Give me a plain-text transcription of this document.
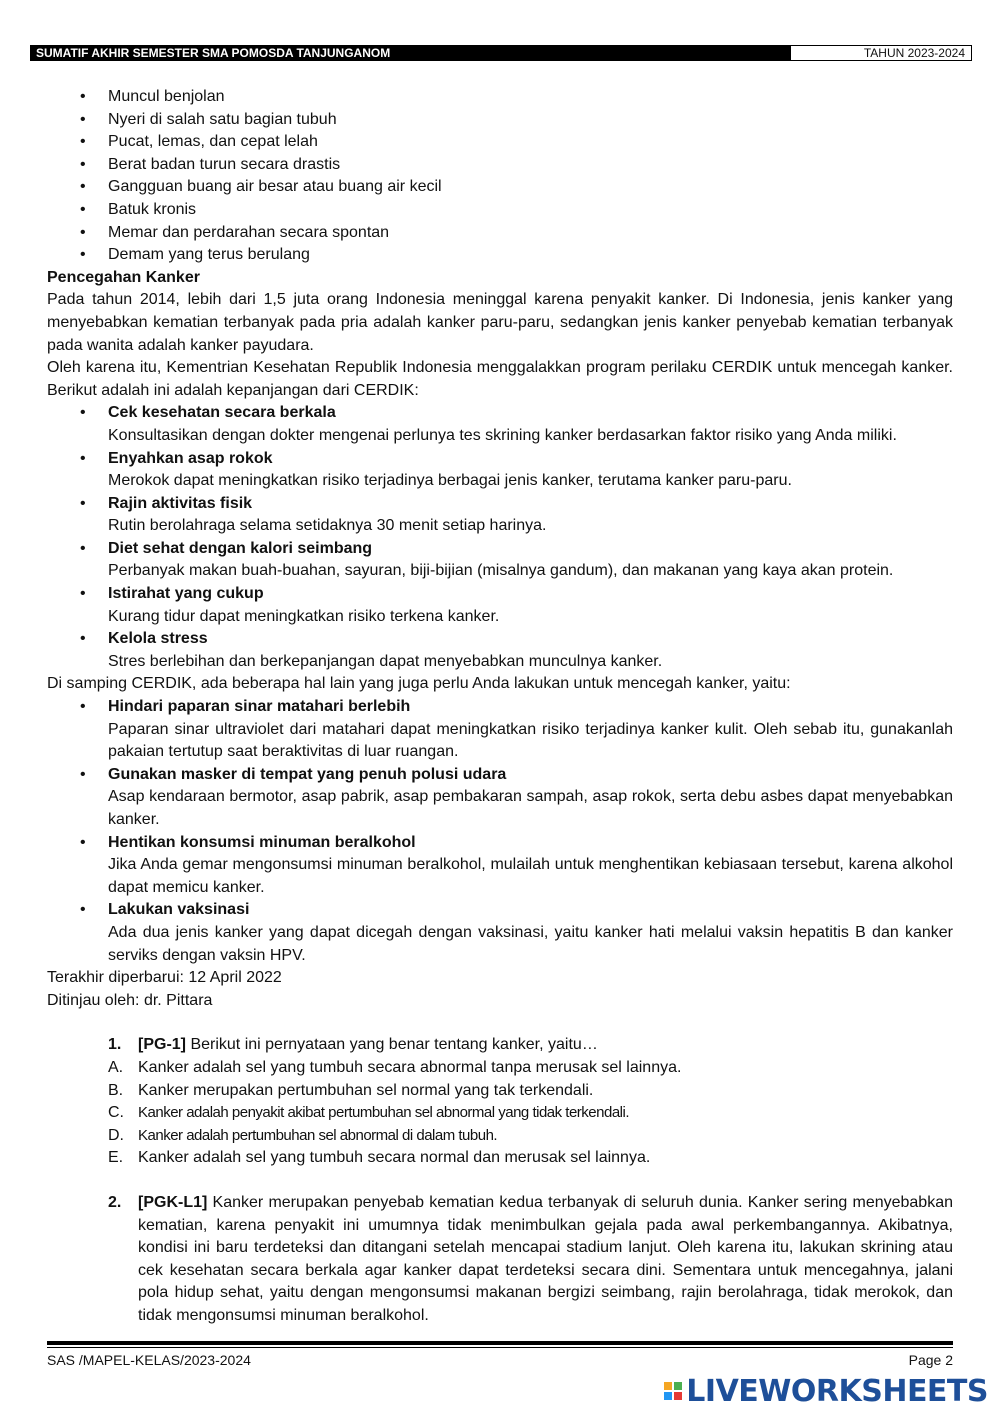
SUMATIF AKHIR SEMESTER SMA POMOSDA TANJUNGANOM	TAHUN 2023-2024
• Muncul benjolan
• Nyeri di salah satu bagian tubuh
• Pucat, lemas, dan cepat lelah
• Berat badan turun secara drastis
• Gangguan buang air besar atau buang air kecil
• Batuk kronis
• Memar dan perdarahan secara spontan
• Demam yang terus berulang
Pencegahan Kanker

Pada tahun 2014, lebih dari 1,5 juta orang Indonesia meninggal karena penyakit kanker. Di Indonesia, jenis kanker yang menyebabkan kematian terbanyak pada pria adalah kanker paru-paru, sedangkan jenis kanker penyebab kematian terbanyak pada wanita adalah kanker payudara.

Oleh karena itu, Kementrian Kesehatan Republik Indonesia menggalakkan program perilaku CERDIK untuk mencegah kanker. Berikut adalah ini adalah kepanjangan dari CERDIK:

• Cek kesehatan secara berkala
Konsultasikan dengan dokter mengenai perlunya tes skrining kanker berdasarkan faktor risiko yang Anda miliki.
• Enyahkan asap rokok
Merokok dapat meningkatkan risiko terjadinya berbagai jenis kanker, terutama kanker paru-paru.
• Rajin aktivitas fisik
Rutin berolahraga selama setidaknya 30 menit setiap harinya.
• Diet sehat dengan kalori seimbang
Perbanyak makan buah-buahan, sayuran, biji-bijian (misalnya gandum), dan makanan yang kaya akan protein.
• Istirahat yang cukup
Kurang tidur dapat meningkatkan risiko terkena kanker.
• Kelola stress
Stres berlebihan dan berkepanjangan dapat menyebabkan munculnya kanker.

Di samping CERDIK, ada beberapa hal lain yang juga perlu Anda lakukan untuk mencegah kanker, yaitu:

• Hindari paparan sinar matahari berlebih
Paparan sinar ultraviolet dari matahari dapat meningkatkan risiko terjadinya kanker kulit. Oleh sebab itu, gunakanlah pakaian tertutup saat beraktivitas di luar ruangan.
• Gunakan masker di tempat yang penuh polusi udara
Asap kendaraan bermotor, asap pabrik, asap pembakaran sampah, asap rokok, serta debu asbes dapat menyebabkan kanker.
• Hentikan konsumsi minuman beralkohol
Jika Anda gemar mengonsumsi minuman beralkohol, mulailah untuk menghentikan kebiasaan tersebut, karena alkohol dapat memicu kanker.
• Lakukan vaksinasi
Ada dua jenis kanker yang dapat dicegah dengan vaksinasi, yaitu kanker hati melalui vaksin hepatitis B dan kanker serviks dengan vaksin HPV.
Terakhir diperbarui: 12 April 2022
Ditinjau oleh: dr. Pittara
1.	[PG-1] Berikut ini pernyataan yang benar tentang kanker, yaitu…
A. Kanker adalah sel yang tumbuh secara abnormal tanpa merusak sel lainnya.
B. Kanker merupakan pertumbuhan sel normal yang tak terkendali.
C. Kanker adalah penyakit akibat pertumbuhan sel abnormal yang tidak terkendali.
D. Kanker adalah pertumbuhan sel abnormal di dalam tubuh.
E. Kanker adalah sel yang tumbuh secara normal dan merusak sel lainnya.
2.	[PGK-L1] Kanker merupakan penyebab kematian kedua terbanyak di seluruh dunia. Kanker sering menyebabkan kematian, karena penyakit ini umumnya tidak menimbulkan gejala pada awal perkembangannya. Akibatnya, kondisi ini baru terdeteksi dan ditangani setelah mencapai stadium lanjut. Oleh karena itu, lakukan skrining atau cek kesehatan secara berkala agar kanker dapat terdeteksi secara dini. Sementara untuk mencegahnya, jalani pola hidup sehat, yaitu dengan mengonsumsi makanan bergizi seimbang, rajin berolahraga, tidak merokok, dan tidak mengonsumsi minuman beralkohol.
SAS /MAPEL-KELAS/2023-2024	Page 2
LIVEWORKSHEETS
